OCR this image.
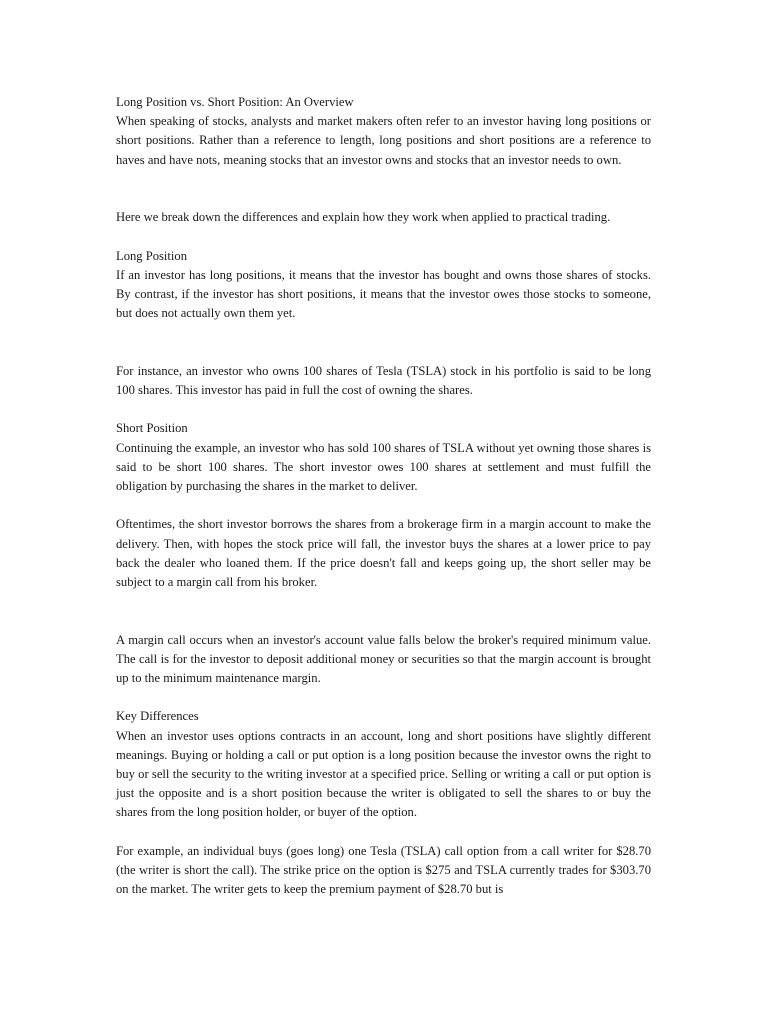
Long Position vs. Short Position: An Overview

When speaking of stocks, analysts and market makers often refer to an investor having long positions or short positions. Rather than a reference to length, long positions and short positions are a reference to haves and have nots, meaning stocks that an investor owns and stocks that an investor needs to own.

Here we break down the differences and explain how they work when applied to practical trading.

Long Position

If an investor has long positions, it means that the investor has bought and owns those shares of stocks. By contrast, if the investor has short positions, it means that the investor owes those stocks to someone, but does not actually own them yet.

For instance, an investor who owns 100 shares of Tesla (TSLA) stock in his portfolio is said to be long 100 shares. This investor has paid in full the cost of owning the shares.

Short Position

Continuing the example, an investor who has sold 100 shares of TSLA without yet owning those shares is said to be short 100 shares. The short investor owes 100 shares at settlement and must fulfill the obligation by purchasing the shares in the market to deliver.

Oftentimes, the short investor borrows the shares from a brokerage firm in a margin account to make the delivery. Then, with hopes the stock price will fall, the investor buys the shares at a lower price to pay back the dealer who loaned them. If the price doesn't fall and keeps going up, the short seller may be subject to a margin call from his broker.

A margin call occurs when an investor's account value falls below the broker's required minimum value. The call is for the investor to deposit additional money or securities so that the margin account is brought up to the minimum maintenance margin.

Key Differences

When an investor uses options contracts in an account, long and short positions have slightly different meanings. Buying or holding a call or put option is a long position because the investor owns the right to buy or sell the security to the writing investor at a specified price. Selling or writing a call or put option is just the opposite and is a short position because the writer is obligated to sell the shares to or buy the shares from the long position holder, or buyer of the option.

For example, an individual buys (goes long) one Tesla (TSLA) call option from a call writer for $28.70 (the writer is short the call). The strike price on the option is $275 and TSLA currently trades for $303.70 on the market. The writer gets to keep the premium payment of $28.70 but is
